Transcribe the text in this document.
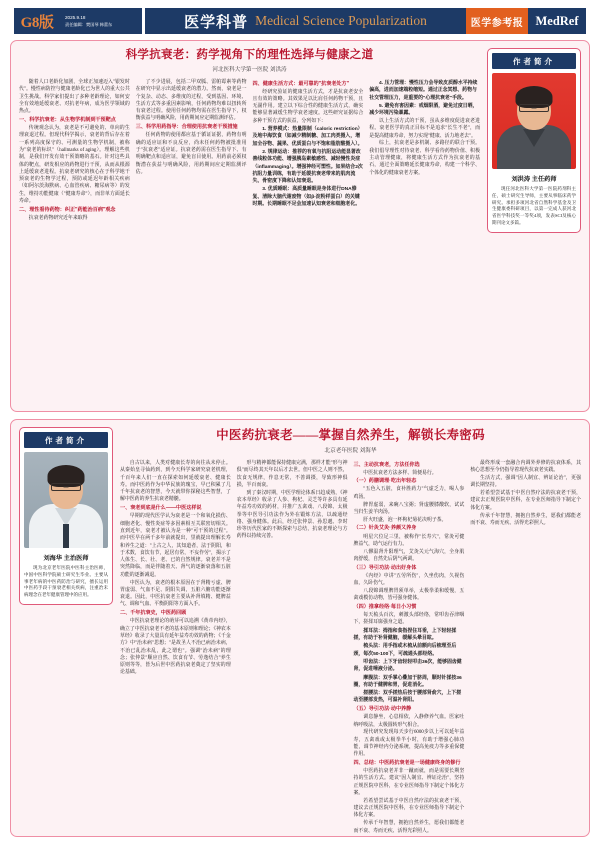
G8版	2025.9.18
责任编辑：樊国琴 韩蕾东	医学科普 Medical Science Popularization	医学参考报 MedRef
科学抗衰老：药学视角下的理性选择与健康之道
河北医科大学第一医院 刘洪涛

随着人口老龄化加剧，全球正加速迈入"银发时代"。慢性病防控与健康老龄化已为世人的重大公共卫生挑战。科学家们提出了多种老龄理论，如何安全有效地延缓衰老、对抗老年病，成为医学领域的热点。

一、科学抗衰老：从生物学机制到干预靶点

传统观念认为，衰老是不可避免的、单向的生理衰退过程。但现代科学揭示，衰老的背后存在着一系列高度保守的、可测量的生物学机制，被称为"衰老的标识"（hallmarks of aging）。理解这些机制，是我们开发有效干预策略的基石。针对这些具体的靶点，研发相应的药物进行干预，从而从根源上延缓衰老进程。抗衰老研究的核心在于科学地干预衰老的生物学过程，预防或延迟年龄相关疾病（如阿尔茨海默病、心血管疾病、糖尿病等）的发生，维持功能健康（"健康寿命"），而非单方面延长寿命。

二、理性看待药物：纠正"药能治百病"观念

抗衰老药物研究近年来取得

了不少进展，包括二甲双胍、雷帕霉素等药物在研究中显示出延缓衰老的潜力。然而，衰老是一个复杂、动态、多维度的过程，受到基因、环境、生活方式等多重因素影响，任何药物均难以扭转所有衰老过程。使用任何药物均需在医生指导下，权衡获益与明确风险，用药期间应定期监测评估。

三、科学用药指导：合理使用抗衰老干预措施

任何药物的使用都应基于循证证据，药物有明确的适应证和不良反应，尚未任何药物被批准用于"抗衰老"适应证。抗衰老药需在医生指导下、有明确靶点和适应证，避免盲目使用。用药前必须权衡潜在获益与明确风险，用药期间应定期监测评估。

四、健康生活方式：最可靠的"抗衰老处方"

经研究验证的健康生活方式，才是抗衰老安全且有效的策略。其效果足以比肩任何药物干预，且无副作用。建立以下综合性的健康生活方式，确实能够显著减缓生物学衰老速度。这些研究证据综合多种干预方式的获益，分列如下：

1. 营养模式：热量限制（caloric restriction）及地中海饮食（如减少精制糖、加工肉类摄入，增加全谷物、蔬果、优质蛋白与不饱和脂肪酸摄入）。
2. 规律运动：推荐的有氧与抗阻运动能显著改善线粒体功能、增强胰岛素敏感性、减轻慢性炎症（inflammaging）。增强神经可塑性。如果结合2次抗阻力量训练，有助于延缓抗衰老带来的肌肉流失、骨密度下降和认知衰退。
3. 优质睡眠：高质量睡眠是身体进行DNA修复、清除大脑代谢废物（如β-淀粉样蛋白）的关键时期。长期睡眠不足会加速认知衰老和细胞老化。
4. 压力管理：慢性压力会导致皮质醇水平持续偏高，进而加速端粒缩短。通过正念冥想、药物与社交管理压力，是重要的"心理抗衰老"手段。
5. 避免有害因素：戒烟限酒，避免过度日晒，减少环境污染暴露。

以上生活方式的干预，虽从多维度促进衰老进程。衰老医学的真正目标不是追求"长生不老"，而是提高健康寿命，努力实现"健康、活力地老去"。

综上，抗衰老是多机制、多路径的联合干预。我们倡导理性对待衰老、科学看待药物价值、积极主动管理健康，将健康生活方式作为抗衰老的基石，通过全面策略延长健康寿命，构建一个科学、个体化的健康衰老方案。

作者简介
刘洪涛 主任药师
现任河北医科大学第一医院药剂科主任，硕士研究生导师，主要从事临床药学研究。承担多项河北省自然科学基金及卫生健康委科研项目，以第一完成人获河北省医学科技奖一等奖4项，发表SCI及核心期刊论文多篇。
作者简介
刘海华 主治医师
现为北京老年医院中医科主治医师，中国中医科学院硕士研究生毕业。主要从事老年病的中医药防治与研究，擅长运用中医药手段干预衰老相关疾病，注重治未病理念在老年健康管理中的应用。
中医药抗衰老——掌握自然养生，解锁长寿密码
北京老年医院 刘海华

自古以来，人类对健康长寿的向往从未停止。从秦始皇寻仙药到，到今天科学家研究衰老机理，千百年来人们一直在探索如何延缓衰老、健康长寿。而中医药作为中华民族的瑰宝，早已积累了几千年抗衰老的智慧，今天就带你探秘这些智慧，了解中医药的养生抗衰老精髓。

一、衰老到底是什么——中医这样说

早期的现代医学认为衰老是一个和氧化损伤、细胞老化、慢性炎症等多因素相互关联密切相关。直到近年，衰老才被认为是一种"可干预的过程"。而中医早在两千多年前就提出，里就提出理解长寿和养生之道："上古之人，其知道者，法于阴阳，和于术数，食饮有节，起居有常，不妄作劳"，揭示了人体生、长、壮、老、已的自然规律。衰老并不是突然降临，而是伴随着天、肾气的逐渐衰落和五脏功能的逐渐减退。

中医认为，衰老的根本原因在于肾精亏虚、脾胃虚弱、气血不足、阴阳失调，五脏六腑功能逐渐衰退。因此，中医抗衰老主要从补肾填精、健脾益气、调和气血、平衡阴阳等方面入手。

二、千年抗衰史，中医药回顾

中医抗衰老理论的萌芽可以追溯《黄帝内经》，确立了中医抗衰老不老的基本原则和理论；《神农本草经》收录了大量具有延年益寿功效的药物；《千金方》中"治未病"思想；"是故圣人不治已病治未病，不治已乱治未乱，此之谓也"。强调"治未病"的理念；张仲景"顺应自然、饮食有节、劳逸结合"养生原则等等，皆为后世中医药抗衰老奠定了坚实的理论基础。

形与精神都能保持健康完满，那样才能"形与神俱"而尽终其天年以后才去世。但中医之人则不然，饮食无规律，作息无常，不善调摄，导致形神俱损，半百而衰。

到了秦汉时期，中医学理论体系日趋成熟，《神农本草经》收录了人参、枸杞、灵芝等许多具有延年益寿功效的药材，并推广五禽戏、八段锦、太极拳等中医导引功法作为外在锻炼方法，以疏通经络、强身健体。此后，经过张仲景、孙思邈、李时珍等历代医家的不断探索与总结，抗衰老理论与方药得以持续完善。

三、主动抗衰老，方法任你选

中医抗衰老方法多样、简便易行。

（一）药膳调理·吃出年轻态

"五色入五脏，食补胜药力"气虚乏力，喝人参鸡汤。

脾胃虚弱，来碗八宝粥；肾虚腰膝酸软，试试当归生姜羊肉汤。

肝火旺盛，泡一杯枸杞菊花决明子茶。

（二）针灸艾灸·养颜又养身

明星穴位足三里，被称作"长寿穴"，常灸可健脾益气，助气运行有力。

八髎温肾升阳理气，艾灸关元气海穴，全身肌肉舒缓，自然先后阴气两调。

（三）导引功法·动出好身体

《内经》中讲"五劳所伤"，久坐伤肉，久视伤血，久卧伤气。

八段锦调理脾胃须单举，太极拳柔和缓慢，五禽戏模仿动物，皆可强身健体。

（四）推拿经络·每日小习惯

每天梳头百次，刺激头部经络，常叩齿吞津咽下，搓揉耳廓强身之道。

揉耳法：拇指和食指捏住耳垂，上下轻轻揉搓，有助于补肾健脑，缓解头晕目眩。
梳头法：用手指或木梳从前额向后梳理至后颈，每次50-100下，可疏通头部经络。
叩齿法：上下牙齿轻轻叩击36次，能够固齿健肾，促进唾液分泌。
摩腹法：双手掌心叠加于脐周，顺时针揉按36圈，有助于健脾和胃，促进消化。
搓腰法：双手搓热后按于腰部肾俞穴，上下搓动至腰部发热，可温补肾阳。
（五）导引功法·动中养静

调息静坐，心息相依，入静修养气血。医家吐纳呼吸法，太极圆转形气相合。

现代研究发现每天步行6000步以上可以延年益寿，五禽戏或太极拳半小时，有助于增强心肺功能，调节神经内分泌系统，提高免疫力等多重保健作用。

四、总结：中医药抗衰老是一场健康终身的修行

中医药抗衰老并非一蹴而就，而是需要长期坚持的生活方式。建议"因人制宜、辨证论治"，坚持正规医院中医科，在专业医师指导下制定个体化方案。

若希望尝试基于中医自然疗法的抗衰老干预，建议去正规医院中医科，在专业医师指导下制定个体化方案。

传承千年智慧，拥抱自然养生，愿我们都能老而不衰、寿而无疾、活得光彩照人。

最终形成一套融合内调外养修的抗衰体系，其核心思想至今仍指导着现代抗衰老实践。

生活方式，强调"因人制宜、辨证论治"，更强调长期坚持。

若希望尝试基于中医自然疗法的抗衰老干预，建议去正规医院中医科，在专业医师指导下制定个体化方案。

传承千年智慧，拥抱自然养生，愿我们都能老而不衰、寿而无疾、活得光彩照人。
